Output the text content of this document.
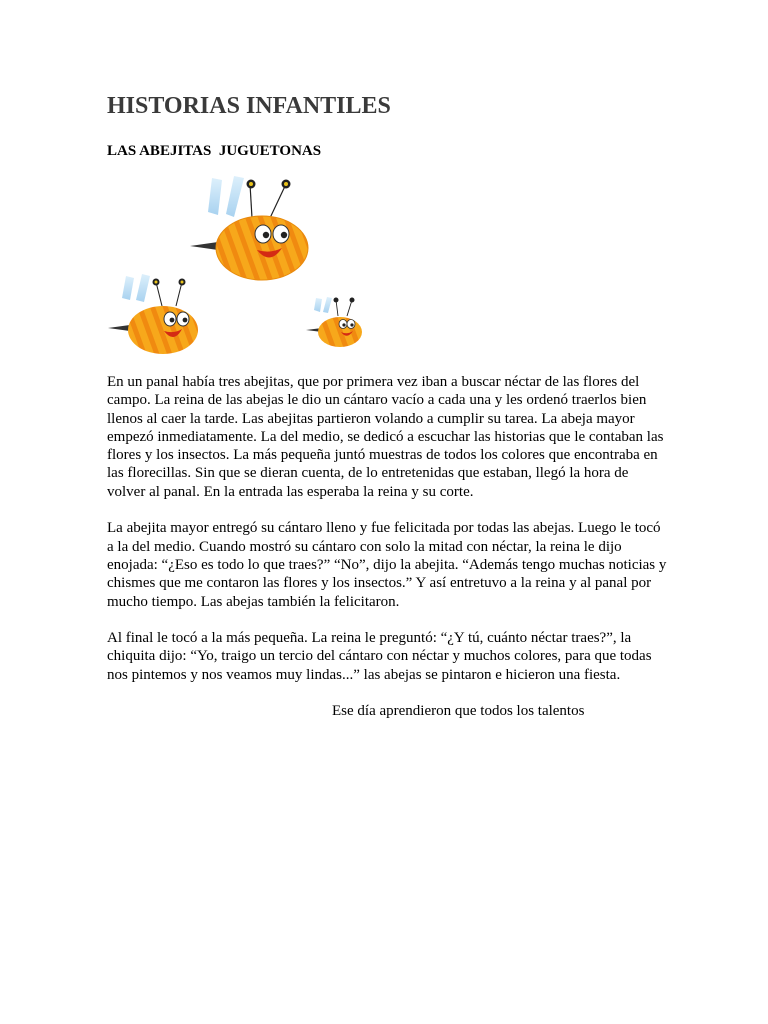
HISTORIAS INFANTILES
LAS ABEJITAS  JUGUETONAS

En un panal había tres abejitas, que por primera vez iban a buscar néctar de las flores del campo. La reina de las abejas le dio un cántaro vacío a cada una y les ordenó traerlos bien llenos al caer la tarde. Las abejitas partieron volando a cumplir su tarea. La abeja mayor empezó inmediatamente. La del medio, se dedicó a escuchar las historias que le contaban las flores y los insectos. La más pequeña juntó muestras de todos los colores que encontraba en las florecillas. Sin que se dieran cuenta, de lo entretenidas que estaban, llegó la hora de volver al panal. En la entrada las esperaba la reina y su corte.

La abejita mayor entregó su cántaro lleno y fue felicitada por todas las abejas. Luego le tocó a la del medio. Cuando mostró su cántaro con solo la mitad con néctar, la reina le dijo enojada: “¿Eso es todo lo que traes?” “No”, dijo la abejita. “Además tengo muchas noticias y chismes que me contaron las flores y los insectos.” Y así entretuvo a la reina y al panal por mucho tiempo. Las abejas también la felicitaron.

Al final le tocó a la más pequeña. La reina le preguntó: “¿Y tú, cuánto néctar traes?”, la chiquita dijo: “Yo, traigo un tercio del cántaro con néctar y muchos colores, para que todas nos pintemos y nos veamos muy lindas...” las abejas se pintaron e hicieron una fiesta.

Ese día aprendieron que todos los talentos
